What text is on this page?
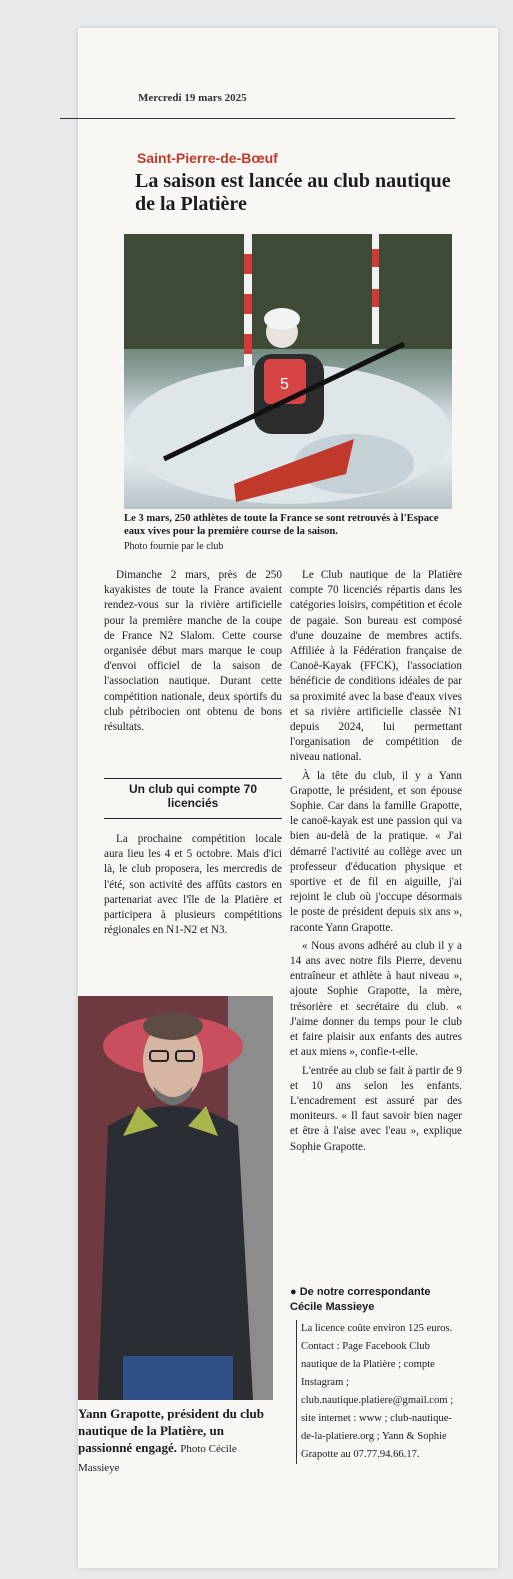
Mercredi 19 mars 2025
Saint-Pierre-de-Bœuf
La saison est lancée au club nautique de la Platière
5
Le 3 mars, 250 athlètes de toute la France se sont retrouvés à l'Espace eaux vives pour la première course de la saison.
Photo fournie par le club

Dimanche 2 mars, près de 250 kayakistes de toute la France avaient rendez-vous sur la rivière artificielle pour la première manche de la coupe de France N2 Slalom. Cette course organisée début mars marque le coup d'envoi officiel de la saison de l'association nautique. Durant cette compétition nationale, deux sportifs du club pétribocien ont obtenu de bons résultats.

Un club qui compte 70 licenciés

La prochaine compétition locale aura lieu les 4 et 5 octobre. Mais d'ici là, le club proposera, les mercredis de l'été, son activité des affûts castors en partenariat avec l'île de la Platière et participera à plusieurs compétitions régionales en N1-N2 et N3.

Yann Grapotte, président du club nautique de la Platière, un passionné engagé. Photo Cécile Massieye

Le Club nautique de la Platière compte 70 licenciés répartis dans les catégories loisirs, compétition et école de pagaie. Son bureau est composé d'une douzaine de membres actifs. Affiliée à la Fédération française de Canoë-Kayak (FFCK), l'association bénéficie de conditions idéales de par sa proximité avec la base d'eaux vives et sa rivière artificielle classée N1 depuis 2024, lui permettant l'organisation de compétition de niveau national.

À la tête du club, il y a Yann Grapotte, le président, et son épouse Sophie. Car dans la famille Grapotte, le canoë-kayak est une passion qui va bien au-delà de la pratique. « J'ai démarré l'activité au collège avec un professeur d'éducation physique et sportive et de fil en aiguille, j'ai rejoint le club où j'occupe désormais le poste de président depuis six ans », raconte Yann Grapotte.

« Nous avons adhéré au club il y a 14 ans avec notre fils Pierre, devenu entraîneur et athlète à haut niveau », ajoute Sophie Grapotte, la mère, trésorière et secrétaire du club. « J'aime donner du temps pour le club et faire plaisir aux enfants des autres et aux miens », confie-t-elle.

L'entrée au club se fait à partir de 9 et 10 ans selon les enfants. L'encadrement est assuré par des moniteurs. « Il faut savoir bien nager et être à l'aise avec l'eau », explique Sophie Grapotte.

● De notre correspondante
Cécile Massieye
La licence coûte environ 125 euros. Contact : Page Facebook Club nautique de la Platière ; compte Instagram ; club.nautique.platiere@gmail.com ; site internet : www ; club-nautique-de-la-platiere.org ; Yann & Sophie Grapotte au 07.77.94.66.17.
